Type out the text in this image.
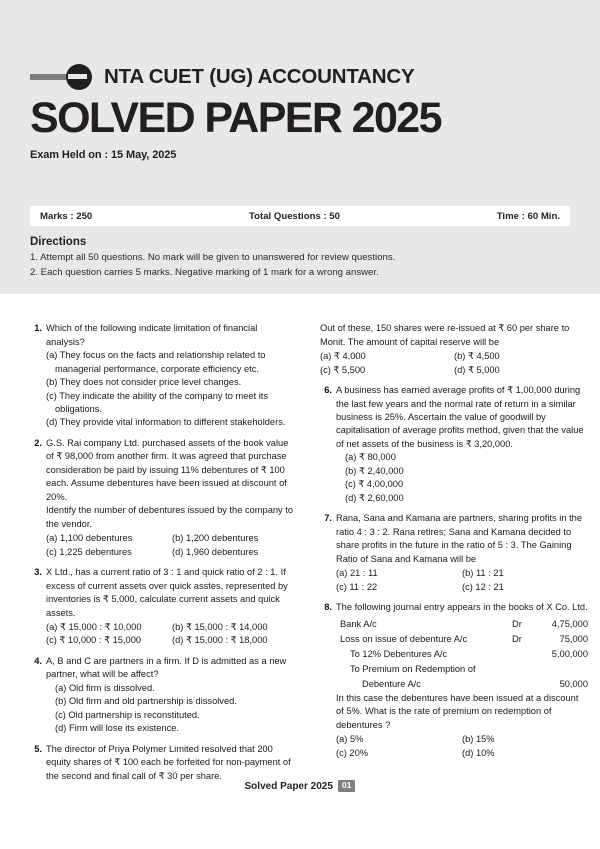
NTA CUET (UG) ACCOUNTANCY
SOLVED PAPER 2025
Exam Held on : 15 May, 2025
Marks : 250	Total Questions : 50	Time : 60 Min.
Directions
1. Attempt all 50 questions. No mark will be given to unanswered for review questions.
2. Each question carries 5 marks. Negative marking of 1 mark for a wrong answer.
1. Which of the following indicate limitation of financial analysis?
(a) They focus on the facts and relationship related to managerial performance, corporate efficiency etc.
(b) They does not consider price level changes.
(c) They indicate the ability of the company to meet its obligations.
(d) They provide vital information to different stakeholders.
2. G.S. Rai company Ltd. purchased assets of the book value of ₹ 98,000 from another firm. It was agreed that purchase consideration be paid by issuing 11% debentures of ₹ 100 each. Assume debentures have been issued at discount of 20%.
Identify the number of debentures issued by the company to the vendor.
(a) 1,100 debentures	(b) 1,200 debentures
(c) 1,225 debentures	(d) 1,960 debentures
3. X Ltd., has a current ratio of 3 : 1 and quick ratio of 2 : 1. If excess of current assets over quick asstes, represented by inventories is ₹ 5,000, calculate current assets and quick assets.
(a) ₹ 15,000 : ₹ 10,000	(b) ₹ 15,000 : ₹ 14,000
(c) ₹ 10,000 : ₹ 15,000	(d) ₹ 15,000 : ₹ 18,000
4. A, B and C are partners in a firm. If D is admitted as a new partner, what will be affect?
(a) Old firm is dissolved.
(b) Old firm and old partnership is dissolved.
(c) Old partnership is reconstituted.
(d) Firm will lose its existence.
5. The director of Priya Polymer Limited resolved that 200 equity shares of ₹ 100 each be forfeited for non-payment of the second and final call of ₹ 30 per share.
Out of these, 150 shares were re-issued at ₹ 60 per share to Monit. The amount of capital reserve will be
(a) ₹ 4,000	(b) ₹ 4,500
(c) ₹ 5,500	(d) ₹ 5,000
6. A business has earned average profits of ₹ 1,00,000 during the last few years and the normal rate of return in a similar business is 25%. Ascertain the value of goodwill by capitalisation of average profits method, given that the value of net assets of the business is ₹ 3,20,000.
(a) ₹ 80,000
(b) ₹ 2,40,000
(c) ₹ 4,00,000
(d) ₹ 2,60,000
7. Rana, Sana and Kamana are partners, sharing profits in the ratio 4 : 3 : 2. Rana retires; Sana and Kamana decided to share profits in the future in the ratio of 5 : 3. The Gaining Ratio of Sana and Kamana will be
(a) 21 : 11	(b) 11 : 21
(c) 11 : 22	(c) 12 : 21
8. The following journal entry appears in the books of X Co. Ltd.
Bank A/c	Dr	4,75,000
Loss on issue of debenture A/c	Dr	75,000
To 12% Debentures A/c	5,00,000
To Premium on Redemption of
Debenture A/c	50,000
In this case the debentures have been issued at a discount of 5%. What is the rate of premium on redemption of debentures ?
(a) 5%	(b) 15%
(c) 20%	(d) 10%
Solved Paper 2025	01
